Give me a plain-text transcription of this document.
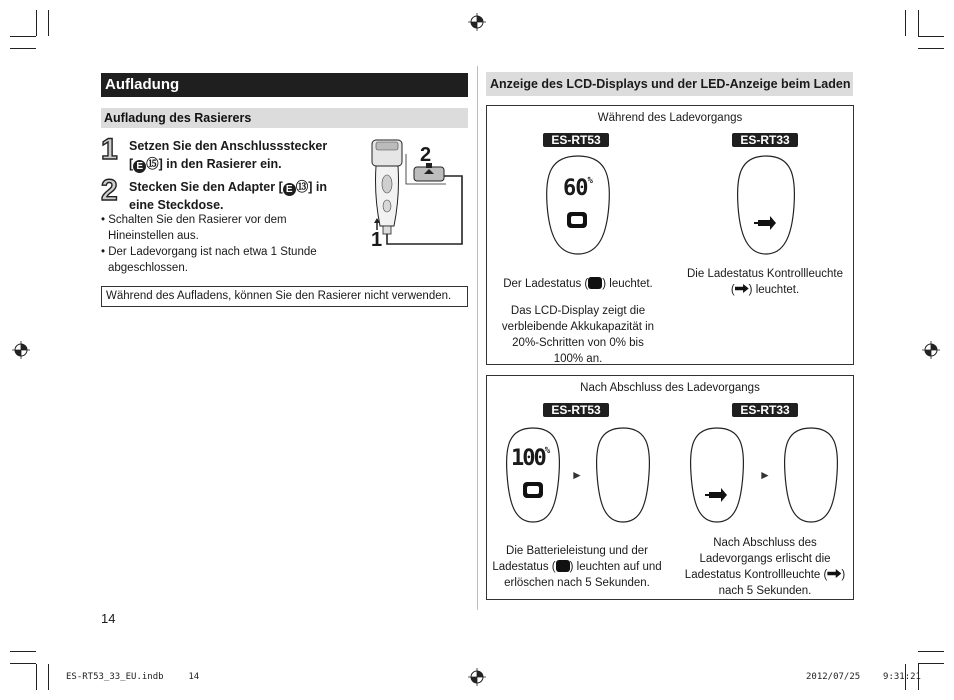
Aufladung
Aufladung des Rasierers
1 Setzen Sie den Anschlussstecker
[ E ⑮] in den Rasierer ein.
2 Stecken Sie den Adapter [ E ⑬] in
eine Steckdose.
• Schalten Sie den Rasierer vor dem
Hineinstellen aus.
• Der Ladevorgang ist nach etwa 1 Stunde
abgeschlossen.
2
1
Während des Aufladens, können Sie den Rasierer nicht verwenden.
14
Anzeige des LCD-Displays und der LED-Anzeige beim Laden
Während des Ladevorgangs
ES-RT53	ES-RT33
60%
Der Ladestatus ( ) leuchtet.
Das LCD-Display zeigt die
verbleibende Akkukapazität in
20%-Schritten von 0% bis
100% an.
Die Ladestatus Kontrollleuchte
( ) leuchtet.
Nach Abschluss des Ladevorgangs
ES-RT53	ES-RT33
100%
►	►
Die Batterieleistung und der
Ladestatus ( ) leuchten auf und
erlöschen nach 5 Sekunden.
Nach Abschluss des
Ladevorgangs erlischt die
Ladestatus Kontrollleuchte ( )
nach 5 Sekunden.
ES-RT53_33_EU.indb	14	2012/07/25	9:31:21
